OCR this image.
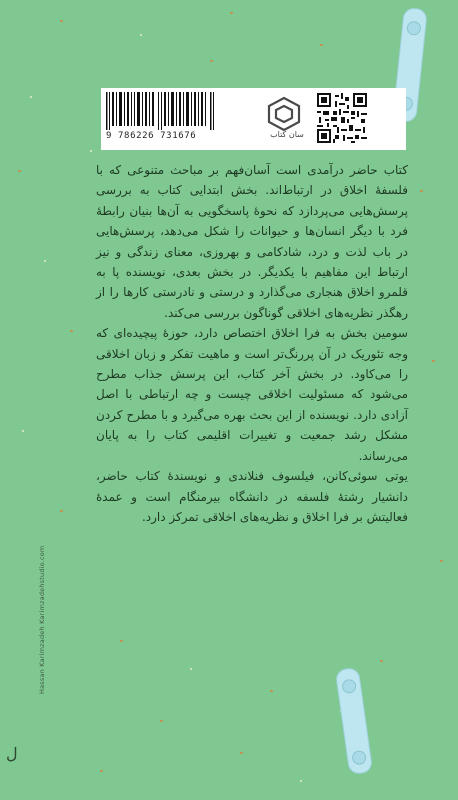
9 786226 731676	سان کتاب

کتاب حاضر درآمدی است آسان‌فهم بر مباحث متنوعی که با فلسفهٔ اخلاق در ارتباط‌اند. بخش ابتدایی کتاب به بررسی پرسش‌هایی می‌پردازد که نحوهٔ پاسخگویی به آن‌ها بنیان رابطهٔ فرد با دیگر انسان‌ها و حیوانات را شکل می‌دهد، پرسش‌هایی در باب لذت و درد، شادکامی و بهروزی، معنای زندگی و نیز ارتباط این مفاهیم با یکدیگر. در بخش بعدی، نویسنده پا به قلمرو اخلاق هنجاری می‌گذارد و درستی و نادرستی کارها را از رهگذر نظریه‌های اخلاقی گوناگون بررسی می‌کند.

سومین بخش به فرا اخلاق اختصاص دارد، حوزهٔ پیچیده‌ای که وجه تئوریک در آن پررنگ‌تر است و ماهیت تفکر و زبان اخلاقی را می‌کاود. در بخش آخر کتاب، این پرسش جذاب مطرح می‌شود که مسئولیت اخلاقی چیست و چه ارتباطی با اصل آزادی دارد. نویسنده از این بحث بهره می‌گیرد و با مطرح کردن مشکل رشد جمعیت و تغییرات اقلیمی کتاب را به پایان می‌رساند.

یوتی سوئی‌کانن، فیلسوف فنلاندی و نویسندهٔ کتاب حاضر، دانشیار رشتهٔ فلسفه در دانشگاه بیرمنگام است و عمدهٔ فعالیتش بر فرا اخلاق و نظریه‌های اخلاقی تمرکز دارد.

Hassan Karimzadeh Karimzadehstudio.com
ل
